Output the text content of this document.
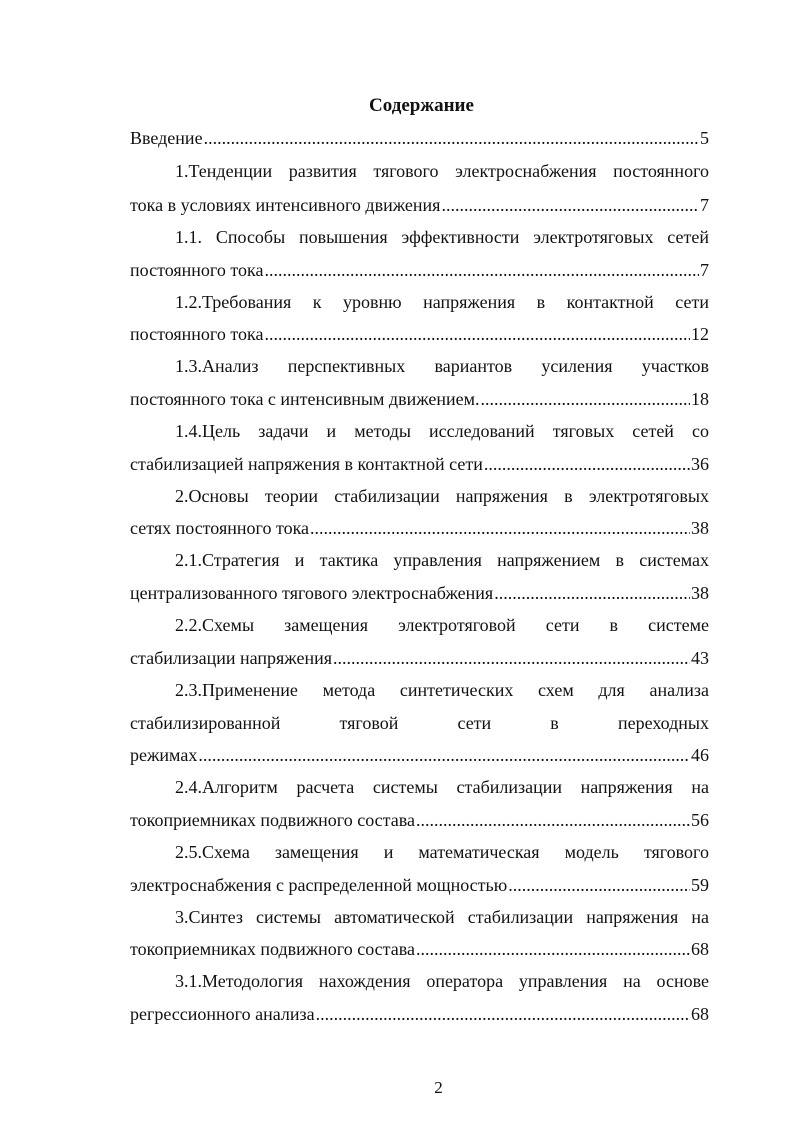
Содержание
Введение .....	5
1.Тенденции развития тягового электроснабжения постоянного
тока в условиях интенсивного движения .....	7
1.1. Способы повышения эффективности электротяговых сетей
постоянного тока .....	7
1.2.Требования к уровню напряжения в контактной сети
постоянного тока .....	12
1.3.Анализ перспективных вариантов усиления участков
постоянного тока с интенсивным движением. .....	18
1.4.Цель задачи и методы исследований тяговых сетей со
стабилизацией напряжения в контактной сети .....	36
2.Основы теории стабилизации напряжения в электротяговых
сетях постоянного тока .....	38
2.1.Стратегия и тактика управления напряжением в системах
централизованного тягового электроснабжения .....	38
2.2.Схемы замещения электротяговой сети в системе
стабилизации напряжения .....	43
2.3.Применение метода синтетических схем для анализа
стабилизированной тяговой сети в переходных
режимах .....	46
2.4.Алгоритм расчета системы стабилизации напряжения на
токоприемниках подвижного состава .....	56
2.5.Схема замещения и математическая модель тягового
электроснабжения с распределенной мощностью .....	59
3.Синтез системы автоматической стабилизации напряжения на
токоприемниках подвижного состава .....	68
3.1.Методология нахождения оператора управления на основе
регрессионного анализа .....	68
2
